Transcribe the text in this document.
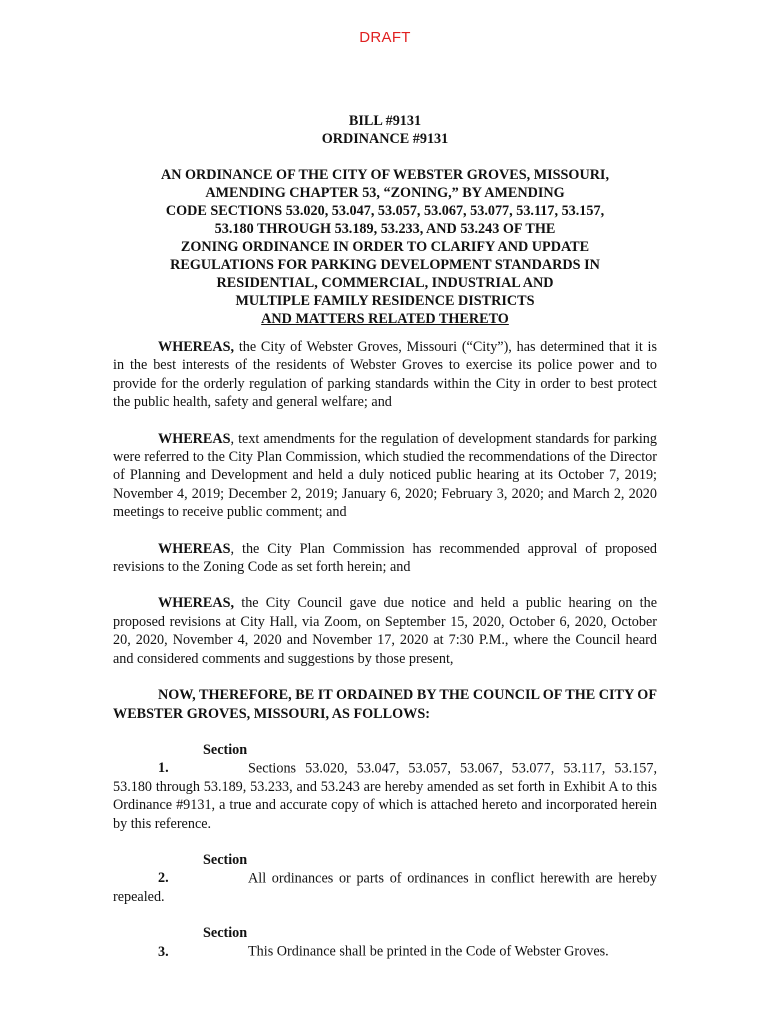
DRAFT
BILL #9131
ORDINANCE #9131
AN ORDINANCE OF THE CITY OF WEBSTER GROVES, MISSOURI,
AMENDING CHAPTER 53, “ZONING,” BY AMENDING
CODE SECTIONS 53.020, 53.047, 53.057, 53.067, 53.077, 53.117, 53.157,
53.180 THROUGH 53.189, 53.233, AND 53.243 OF THE
ZONING ORDINANCE IN ORDER TO CLARIFY AND UPDATE
REGULATIONS FOR PARKING DEVELOPMENT STANDARDS IN
RESIDENTIAL, COMMERCIAL, INDUSTRIAL AND
MULTIPLE FAMILY RESIDENCE DISTRICTS
AND MATTERS RELATED THERETO

WHEREAS, the City of Webster Groves, Missouri (“City”), has determined that it is in the best interests of the residents of Webster Groves to exercise its police power and to provide for the orderly regulation of parking standards within the City in order to best protect the public health, safety and general welfare; and

WHEREAS, text amendments for the regulation of development standards for parking were referred to the City Plan Commission, which studied the recommendations of the Director of Planning and Development and held a duly noticed public hearing at its October 7, 2019; November 4, 2019; December 2, 2019; January 6, 2020; February 3, 2020; and March 2, 2020 meetings to receive public comment; and

WHEREAS, the City Plan Commission has recommended approval of proposed revisions to the Zoning Code as set forth herein; and

WHEREAS, the City Council gave due notice and held a public hearing on the proposed revisions at City Hall, via Zoom, on September 15, 2020, October 6, 2020, October 20, 2020, November 4, 2020 and November 17, 2020 at 7:30 P.M., where the Council heard and considered comments and suggestions by those present,

NOW, THEREFORE, BE IT ORDAINED BY THE COUNCIL OF THE CITY OF WEBSTER GROVES, MISSOURI, AS FOLLOWS:

Section 1.	Sections 53.020, 53.047, 53.057, 53.067, 53.077, 53.117, 53.157, 53.180 through 53.189, 53.233, and 53.243 are hereby amended as set forth in Exhibit A to this Ordinance #9131, a true and accurate copy of which is attached hereto and incorporated herein by this reference.

Section 2.	All ordinances or parts of ordinances in conflict herewith are hereby repealed.

Section 3.	This Ordinance shall be printed in the Code of Webster Groves.
